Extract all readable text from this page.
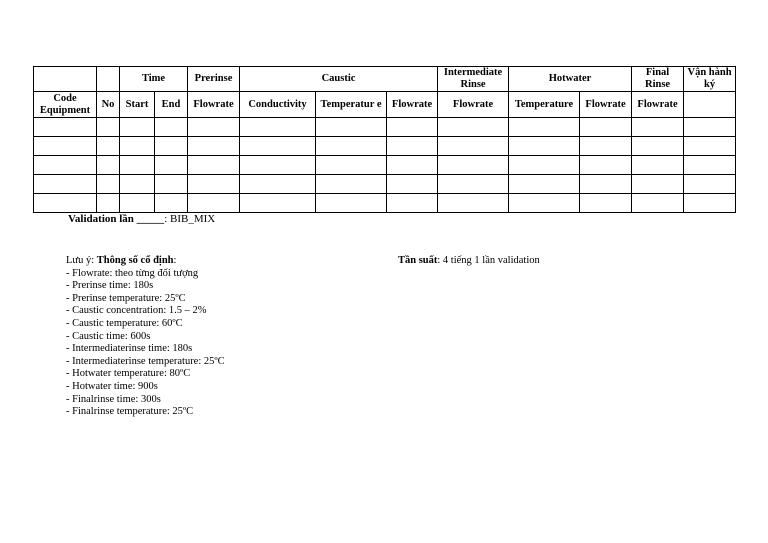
		Time		Prerinse	Caustic			Intermediate Rinse	Hotwater		Final Rinse	Vận hành ký
Code Equipment	No	Start	End	Flowrate	Conductivity	Temperatur e	Flowrate	Flowrate	Temperature	Flowrate	Flowrate	

Validation lần _____: BIB_MIX
Lưu ý: Thông số cố định:
- Flowrate: theo từng đối tượng
- Prerinse time: 180s
- Prerinse temperature: 25ºC
- Caustic concentration: 1.5 – 2%
- Caustic temperature: 60ºC
- Caustic time: 600s
- Intermediaterinse time: 180s
- Intermediaterinse temperature: 25ºC
- Hotwater temperature: 80ºC
- Hotwater time: 900s
- Finalrinse time: 300s
- Finalrinse temperature: 25ºC
Tần suất: 4 tiếng 1 lần validation
